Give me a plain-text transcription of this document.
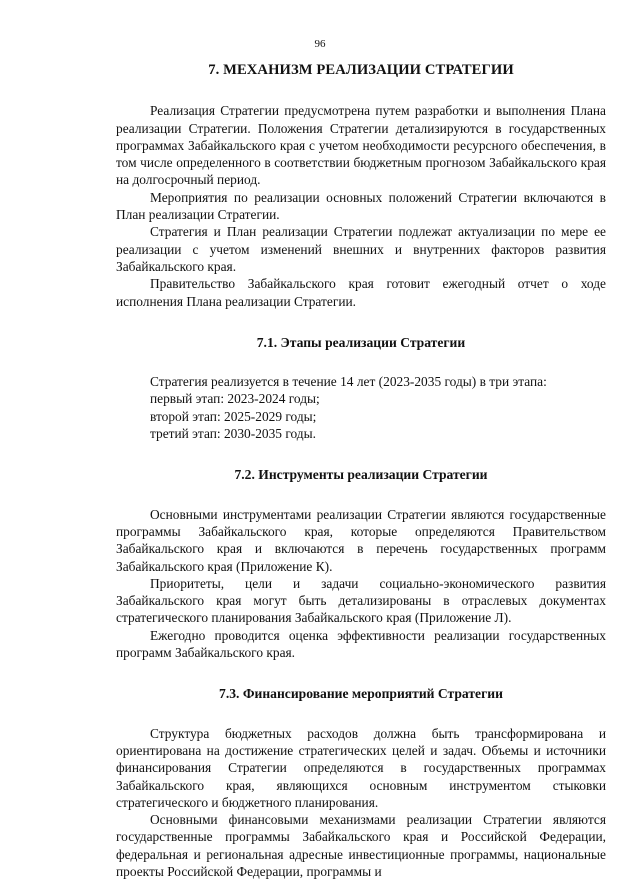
96
7. МЕХАНИЗМ РЕАЛИЗАЦИИ СТРАТЕГИИ

Реализация Стратегии предусмотрена путем разработки и выполнения Плана реализации Стратегии. Положения Стратегии детализируются в государственных программах Забайкальского края с учетом необходимости ресурсного обеспечения, в том числе определенного в соответствии бюджетным прогнозом Забайкальского края на долгосрочный период.

Мероприятия по реализации основных положений Стратегии включаются в План реализации Стратегии.

Стратегия и План реализации Стратегии подлежат актуализации по мере ее реализации с учетом изменений внешних и внутренних факторов развития Забайкальского края.

Правительство Забайкальского края готовит ежегодный отчет о ходе исполнения Плана реализации Стратегии.

7.1. Этапы реализации Стратегии

Стратегия реализуется в течение 14 лет (2023-2035 годы) в три этапа:

первый этап: 2023-2024 годы;

второй этап: 2025-2029 годы;

третий этап: 2030-2035 годы.

7.2. Инструменты реализации Стратегии

Основными инструментами реализации Стратегии являются государственные программы Забайкальского края, которые определяются Правительством Забайкальского края и включаются в перечень государственных программ Забайкальского края (Приложение К).

Приоритеты, цели и задачи социально-экономического развития Забайкальского края могут быть детализированы в отраслевых документах стратегического планирования Забайкальского края (Приложение Л).

Ежегодно проводится оценка эффективности реализации государственных программ Забайкальского края.

7.3. Финансирование мероприятий Стратегии

Структура бюджетных расходов должна быть трансформирована и ориентирована на достижение стратегических целей и задач. Объемы и источники финансирования Стратегии определяются в государственных программах Забайкальского края, являющихся основным инструментом стыковки стратегического и бюджетного планирования.

Основными финансовыми механизмами реализации Стратегии являются государственные программы Забайкальского края и Российской Федерации, федеральная и региональная адресные инвестиционные программы, национальные проекты Российской Федерации, программы и
